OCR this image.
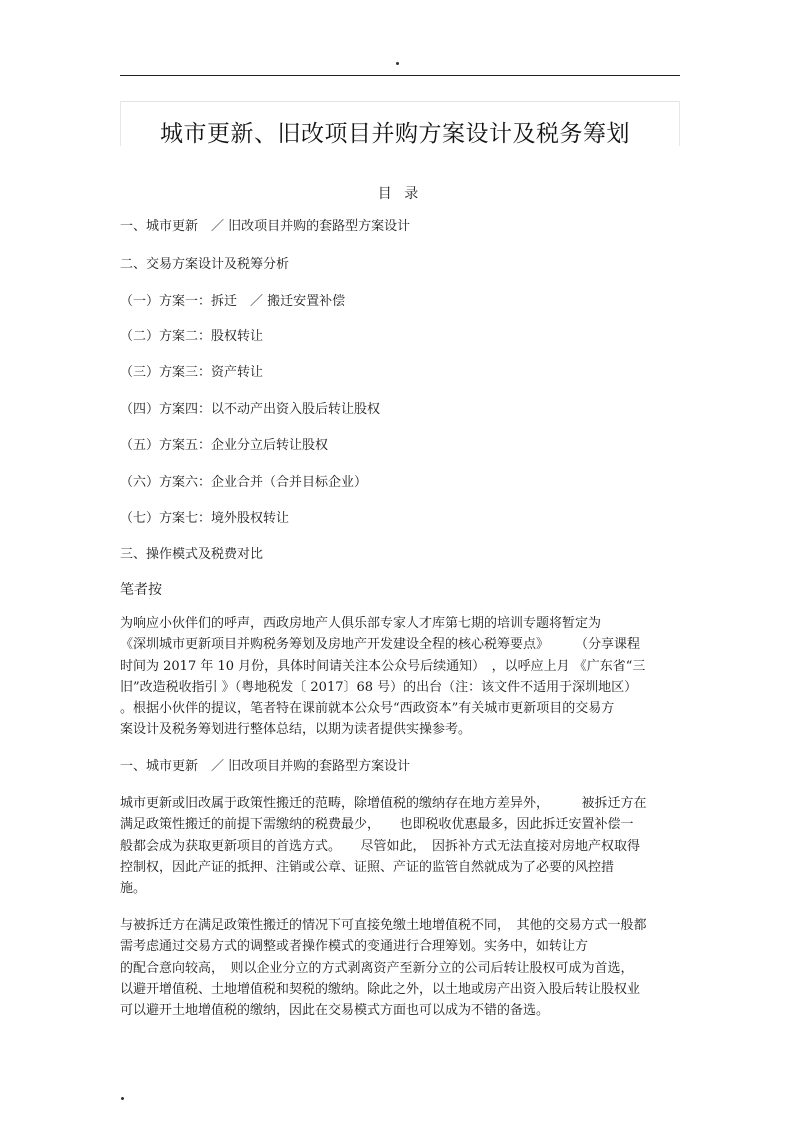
城市更新、旧改项目并购方案设计及税务筹划
目 录
一、城市更新　／ 旧改项目并购的套路型方案设计
二、交易方案设计及税筹分析
（一）方案一：拆迁　／ 搬迁安置补偿
（二）方案二：股权转让
（三）方案三：资产转让
（四）方案四：以不动产出资入股后转让股权
（五）方案五：企业分立后转让股权
（六）方案六：企业合并（合并目标企业）
（七）方案七：境外股权转让
三、操作模式及税费对比
笔者按
为响应小伙伴们的呼声，西政房地产人俱乐部专家人才库第七期的培训专题将暂定为
《深圳城市更新项目并购税务筹划及房地产开发建设全程的核心税筹要点》　　　（分享课程
时间为 2017 年 10 月份，具体时间请关注本公众号后续通知）　，以呼应上月 《广东省“三
旧”改造税收指引 》（粤地税发〔 2017〕68 号）的出台（注：该文件不适用于深圳地区）
。根据小伙伴的提议，笔者特在课前就本公众号“西政资本”有关城市更新项目的交易方
案设计及税务筹划进行整体总结，以期为读者提供实操参考。
一、城市更新　／ 旧改项目并购的套路型方案设计
城市更新或旧改属于政策性搬迁的范畴，除增值税的缴纳存在地方差异外，　　　被拆迁方在
满足政策性搬迁的前提下需缴纳的税费最少，　　也即税收优惠最多，因此拆迁安置补偿一
般都会成为获取更新项目的首选方式。　　尽管如此，　因拆补方式无法直接对房地产权取得
控制权，因此产证的抵押、注销或公章、证照、产证的监管自然就成为了必要的风控措
施。
与被拆迁方在满足政策性搬迁的情况下可直接免缴土地增值税不同，　其他的交易方式一般都
需考虑通过交易方式的调整或者操作模式的变通进行合理筹划。实务中，如转让方
的配合意向较高，　则以企业分立的方式剥离资产至新分立的公司后转让股权可成为首选，
以避开增值税、土地增值税和契税的缴纳。除此之外，以土地或房产出资入股后转让股权业
可以避开土地增值税的缴纳，因此在交易模式方面也可以成为不错的备选。
